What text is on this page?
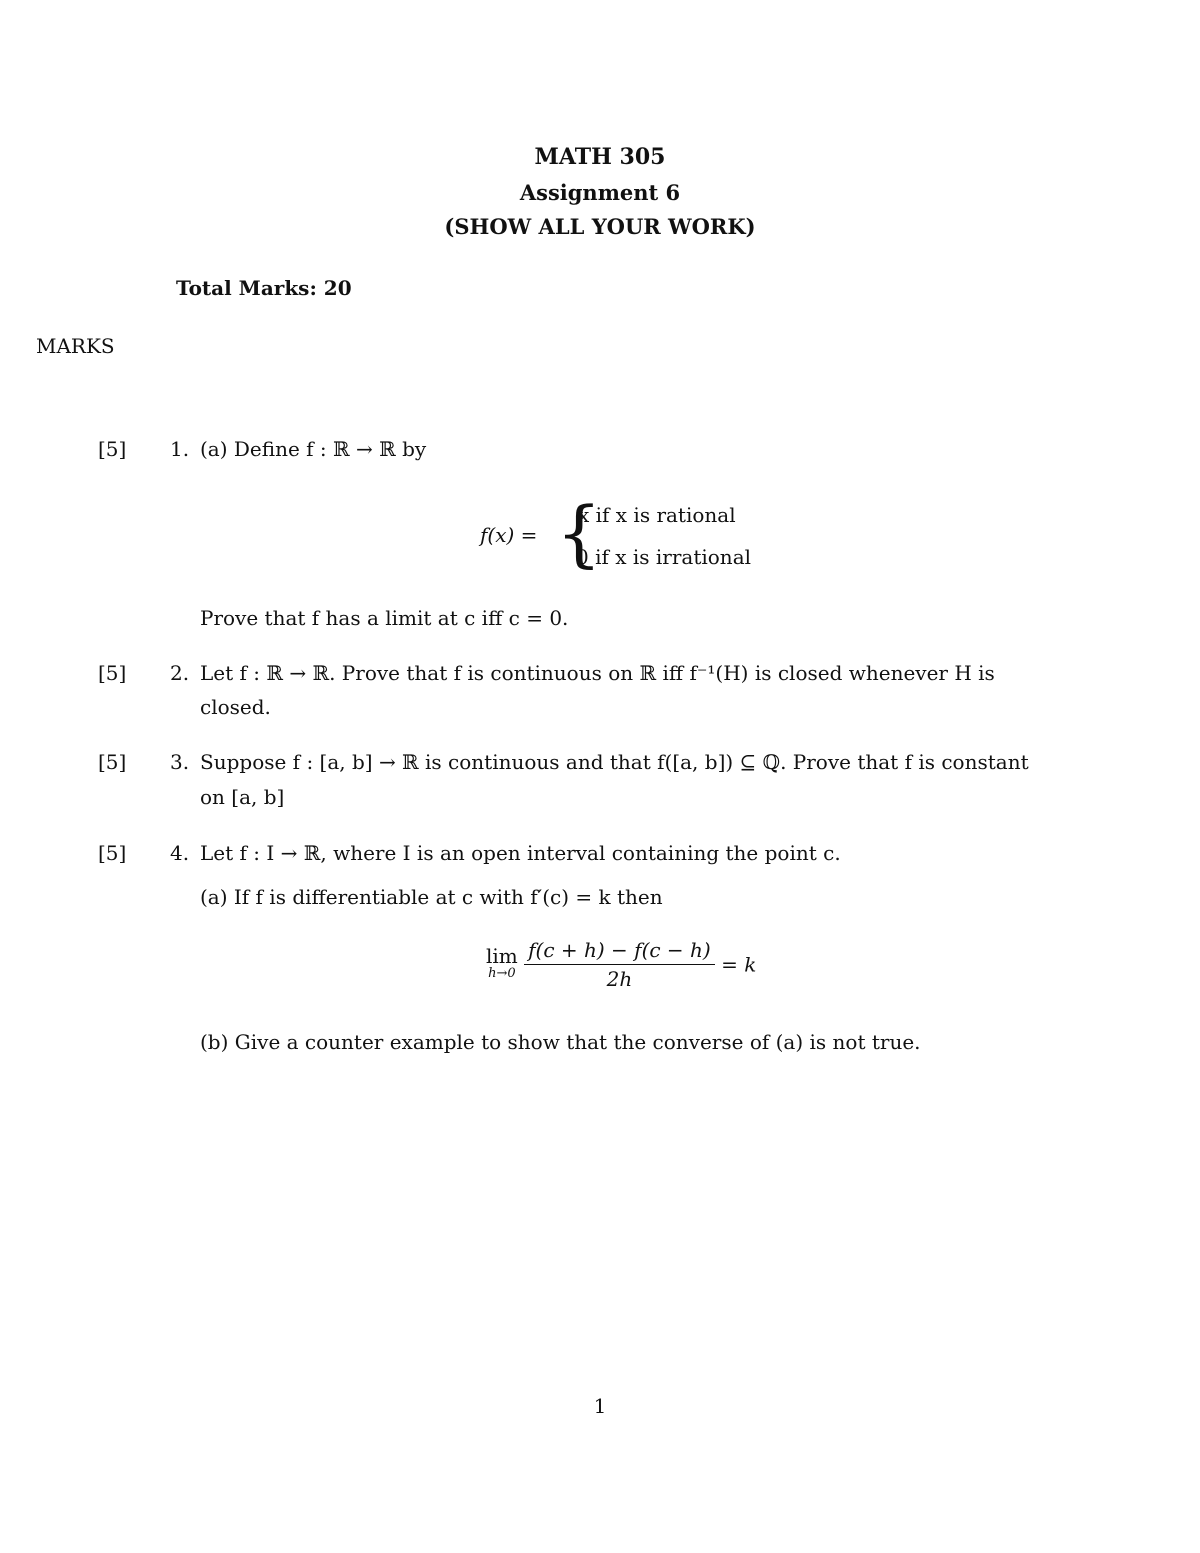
MATH 305
Assignment 6
(SHOW ALL YOUR WORK)
Total Marks: 20
MARKS
[5] 1. (a) Define f : ℝ → ℝ by
f(x) = {
x if x is rational
0 if x is irrational
Prove that f has a limit at c iff c = 0.
[5] 2. Let f : ℝ → ℝ. Prove that f is continuous on ℝ iff f⁻¹(H) is closed whenever H is
closed.
[5] 3. Suppose f : [a, b] → ℝ is continuous and that f([a, b]) ⊆ ℚ. Prove that f is constant
on [a, b]
[5] 4. Let f : I → ℝ, where I is an open interval containing the point c.
(a) If f is differentiable at c with f′(c) = k then
lim
h→0
$\frac{f(c + h) - f(c - h)}{2h} = k$
(b) Give a counter example to show that the converse of (a) is not true.
1
